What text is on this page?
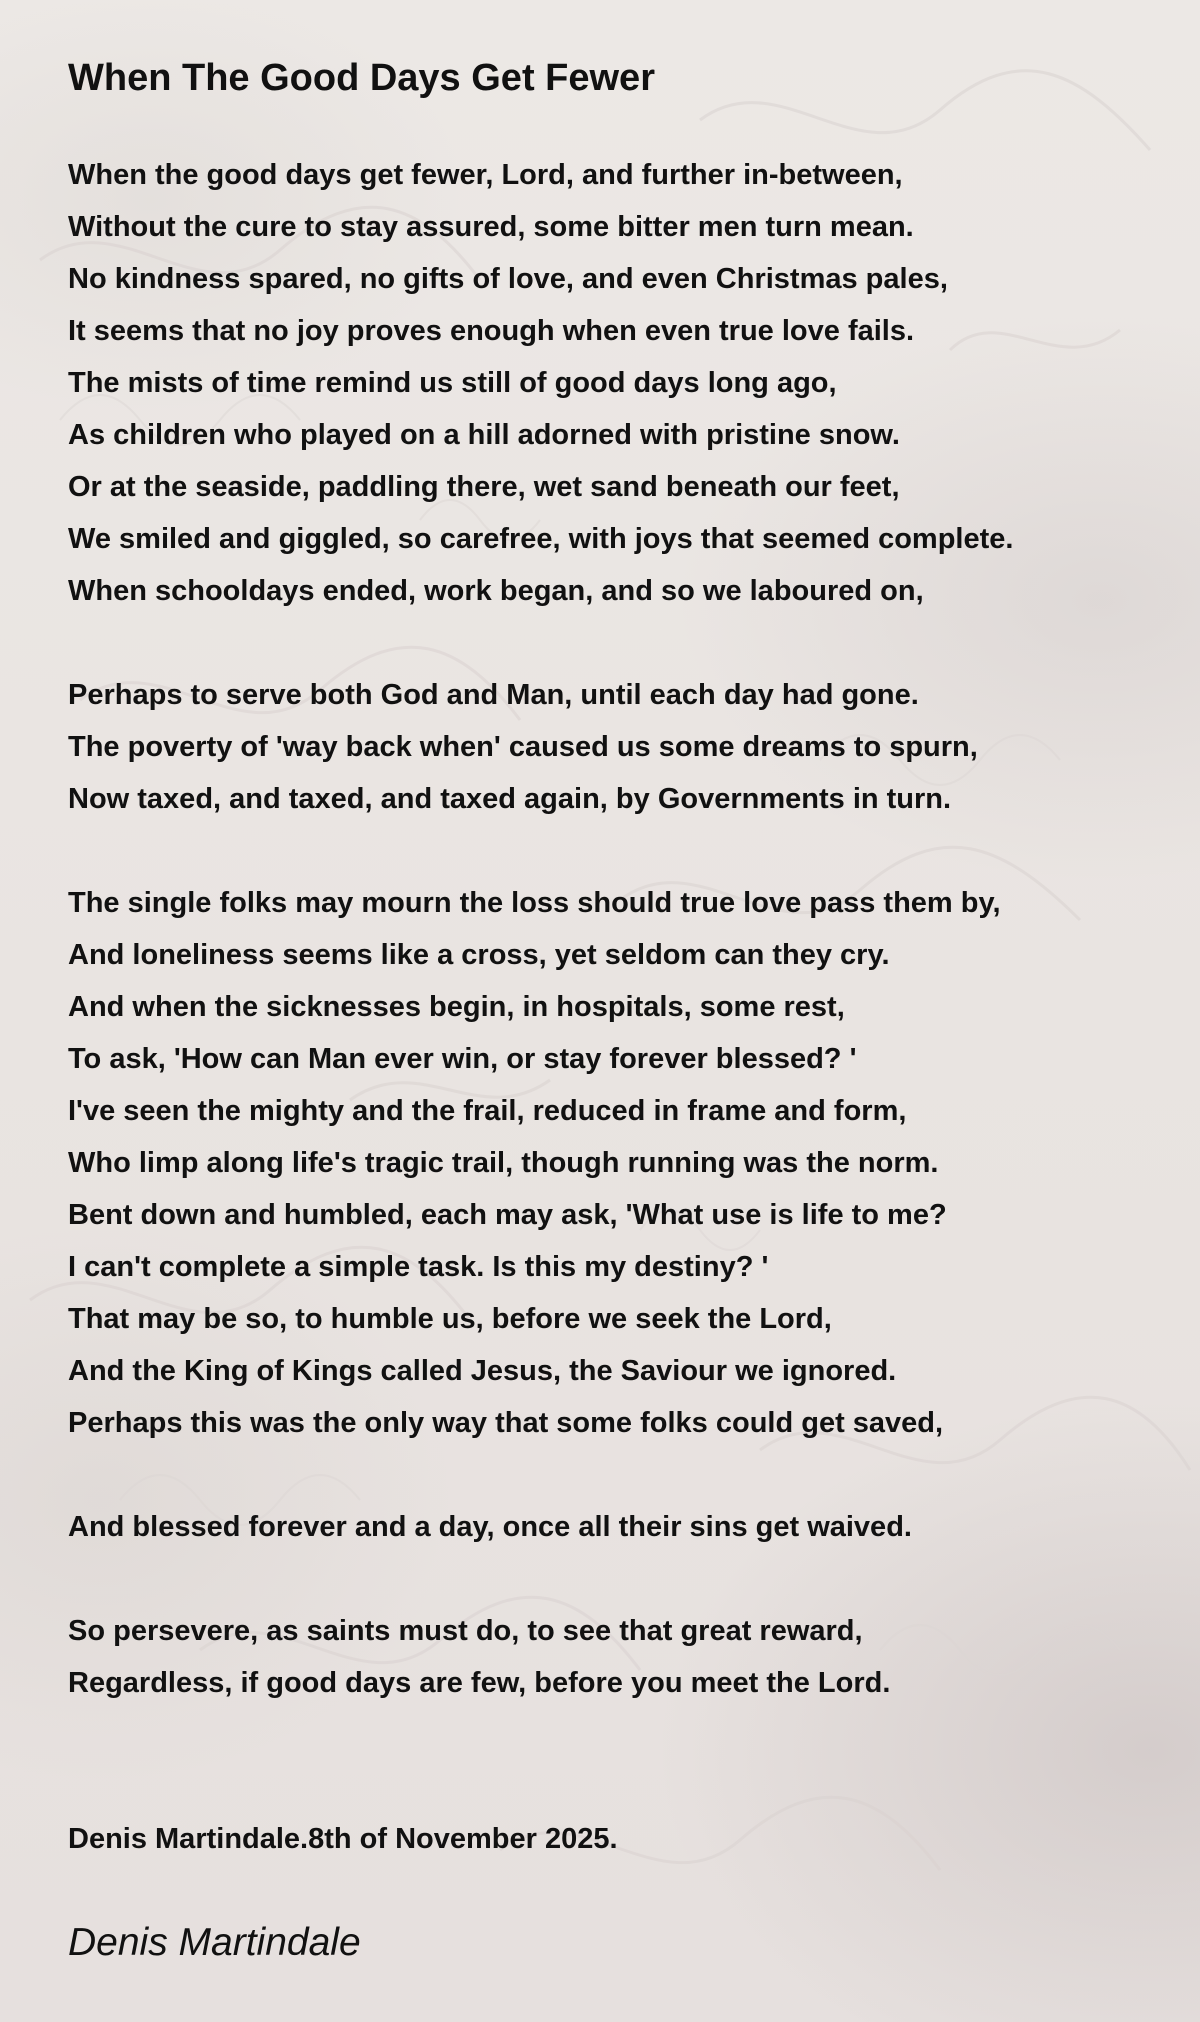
When The Good Days Get Fewer
When the good days get fewer, Lord, and further in-between,
Without the cure to stay assured, some bitter men turn mean.
No kindness spared, no gifts of love, and even Christmas pales,
It seems that no joy proves enough when even true love fails.
The mists of time remind us still of good days long ago,
As children who played on a hill adorned with pristine snow.
Or at the seaside, paddling there, wet sand beneath our feet,
We smiled and giggled, so carefree, with joys that seemed complete.
When schooldays ended, work began, and so we laboured on,
Perhaps to serve both God and Man, until each day had gone.
The poverty of 'way back when' caused us some dreams to spurn,
Now taxed, and taxed, and taxed again, by Governments in turn.
The single folks may mourn the loss should true love pass them by,
And loneliness seems like a cross, yet seldom can they cry.
And when the sicknesses begin, in hospitals, some rest,
To ask, 'How can Man ever win, or stay forever blessed? '
I've seen the mighty and the frail, reduced in frame and form,
Who limp along life's tragic trail, though running was the norm.
Bent down and humbled, each may ask, 'What use is life to me?
I can't complete a simple task. Is this my destiny? '
That may be so, to humble us, before we seek the Lord,
And the King of Kings called Jesus, the Saviour we ignored.
Perhaps this was the only way that some folks could get saved,
And blessed forever and a day, once all their sins get waived.
So persevere, as saints must do, to see that great reward,
Regardless, if good days are few, before you meet the Lord.
Denis Martindale.8th of November 2025.
Denis Martindale
